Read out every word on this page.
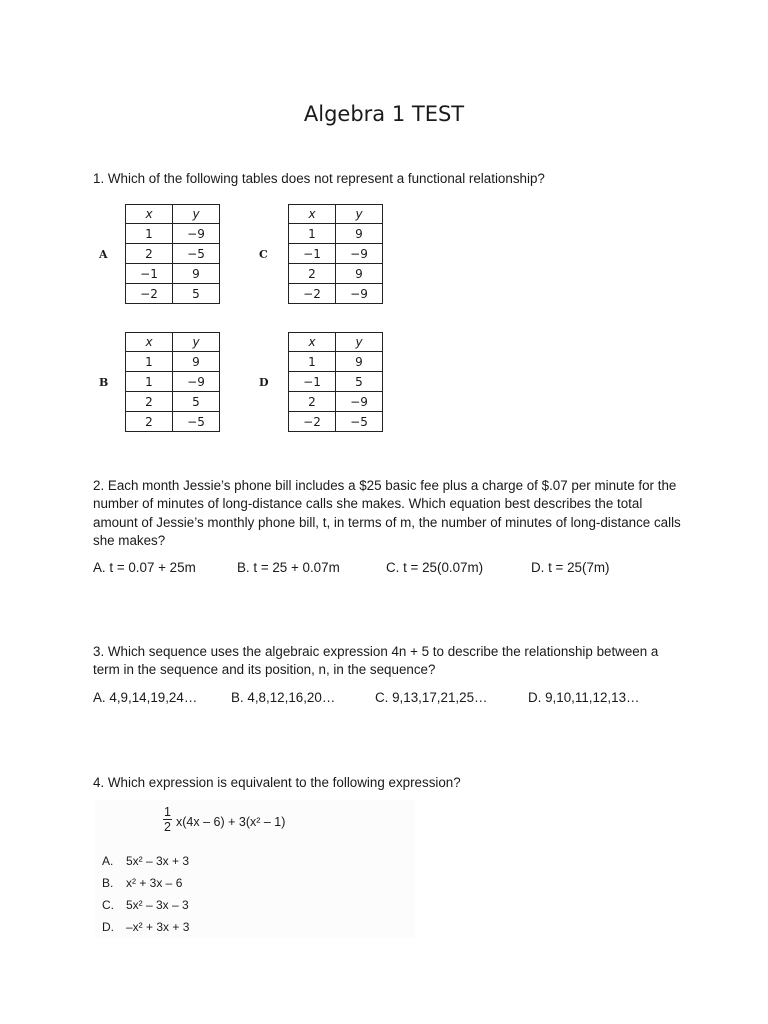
Algebra 1 TEST
1. Which of the following tables does not represent a functional relationship?
A
x	y
1	−9
2	−5
−1	9
−2	5
C
x	y
1	9
−1	−9
2	9
−2	−9
B
x	y
1	9
1	−9
2	5
2	−5
D
x	y
1	9
−1	5
2	−9
−2	−5
2. Each month Jessie’s phone bill includes a $25 basic fee plus a charge of $.07 per minute for the number of minutes of long-distance calls she makes. Which equation best describes the total amount of Jessie’s monthly phone bill, t, in terms of m, the number of minutes of long-distance calls she makes?
A. t = 0.07 + 25m	B. t = 25 + 0.07m	C. t = 25(0.07m)	D. t = 25(7m)
3. Which sequence uses the algebraic expression 4n + 5 to describe the relationship between a term in the sequence and its position, n, in the sequence?
A. 4,9,14,19,24…	B. 4,8,12,16,20…	C. 9,13,17,21,25…	D. 9,10,11,12,13…
4. Which expression is equivalent to the following expression?
$\frac{1}{2} x(4x - 6) + 3(x^2 - 1)$
A. 5x² – 3x + 3
B. x² + 3x – 6
C. 5x² – 3x – 3
D. –x² + 3x + 3
